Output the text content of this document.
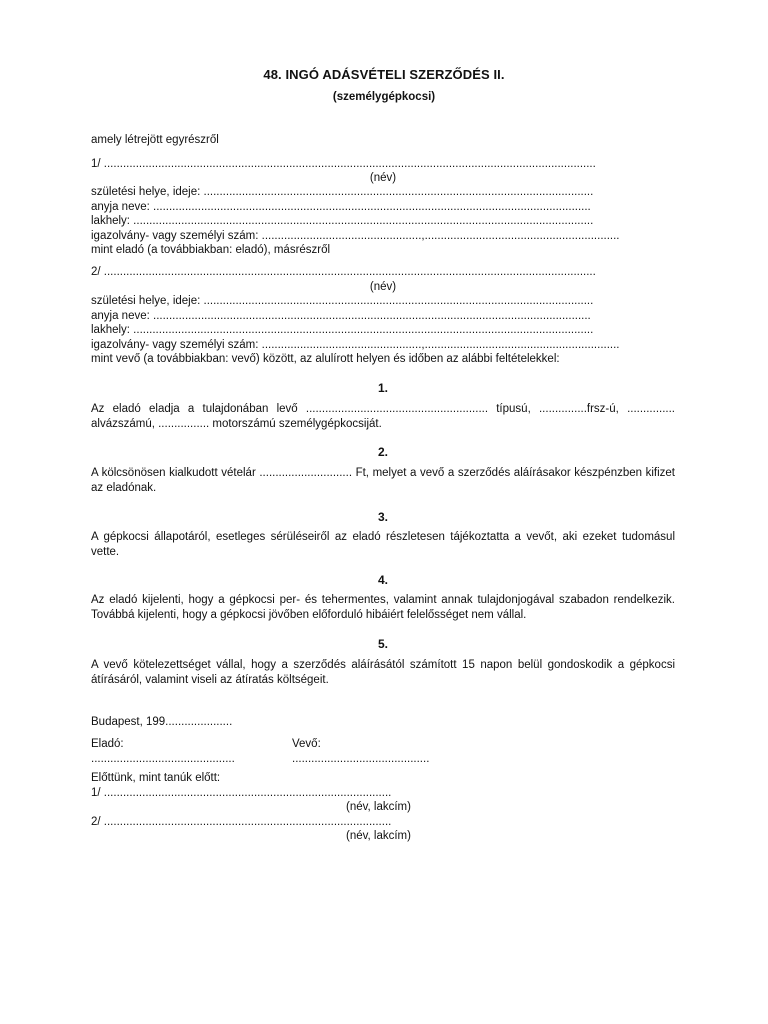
48. INGÓ ADÁSVÉTELI SZERZŐDÉS II.
(személygépkocsi)
amely létrejött egyrészről
1/ ..........................................................................................................................................................
(név)
születési helye, ideje: ..........................................................................................................................
anyja neve: .........................................................................................................................................
lakhely: ................................................................................................................................................
igazolvány- vagy személyi szám: ..................................................,.............................................................
mint eladó (a továbbiakban: eladó), másrészről
2/ ..........................................................................................................................................................
(név)
születési helye, ideje: ..........................................................................................................................
anyja neve: .........................................................................................................................................
lakhely: ................................................................................................................................................
igazolvány- vagy személyi szám: ..................................................,.............................................................
mint vevő (a továbbiakban: vevő) között, az alulírott helyen és időben az alábbi feltételekkel:
1.
Az eladó eladja a tulajdonában levő ......................................................... típusú, ...............frsz-ú, ............... alvázszámú, ................ motorszámú személygépkocsiját.
2.
A kölcsönösen kialkudott vételár ............................. Ft, melyet a vevő a szerződés aláírásakor készpénzben kifizet az eladónak.
3.
A gépkocsi állapotáról, esetleges sérüléseiről az eladó részletesen tájékoztatta a vevőt, aki ezeket tudomásul vette.
4.
Az eladó kijelenti, hogy a gépkocsi per- és tehermentes, valamint annak tulajdonjogával szabadon rendelkezik. Továbbá kijelenti, hogy a gépkocsi jövőben előforduló hibáiért felelősséget nem vállal.
5.
A vevő kötelezettséget vállal, hogy a szerződés aláírásától számított 15 napon belül gondoskodik a gépkocsi átírásáról, valamint viseli az átíratás költségeit.
Budapest, 199.....................
Eladó:	Vevő:
.............................................	...........................................
Előttünk, mint tanúk előtt:
1/ ..........................................................................................
(név, lakcím)
2/ ..........................................................................................
(név, lakcím)
